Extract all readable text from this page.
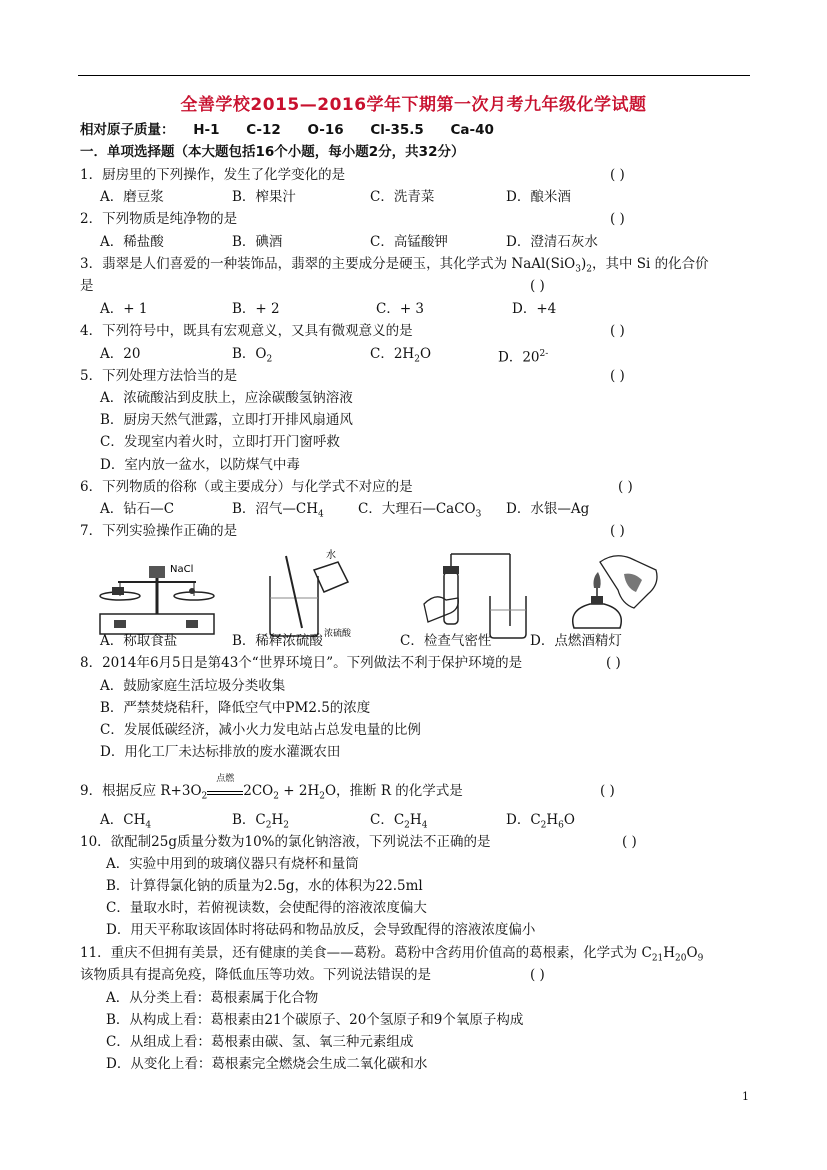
全善学校2015—2016学年下期第一次月考九年级化学试题
相对原子质量： H-1 C-12 O-16 Cl-35.5 Ca-40
一．单项选择题（本大题包括16个小题，每小题2分，共32分）
1．厨房里的下列操作，发生了化学变化的是	( )
A．磨豆浆	B．榨果汁	C．洗青菜	D．酿米酒
2．下列物质是纯净物的是	( )
A．稀盐酸	B．碘酒	C．高锰酸钾	D．澄清石灰水
3．翡翠是人们喜爱的一种装饰品，翡翠的主要成分是硬玉，其化学式为 $NaAl(SiO_3)_2$，其中 Si 的化合价
是	( )
A．+ 1	B．+ 2	C．+ 3	D．+4
4．下列符号中，既具有宏观意义，又具有微观意义的是	( )
A．20	B．$O_2$	C．$2H_2O$	D．$20^{2-}$
5．下列处理方法恰当的是	( )
A．浓硫酸沾到皮肤上，应涂碳酸氢钠溶液
B．厨房天然气泄露，立即打开排风扇通风
C．发现室内着火时，立即打开门窗呼救
D．室内放一盆水，以防煤气中毒
6．下列物质的俗称（或主要成分）与化学式不对应的是	( )
A．钻石—C	B．沼气$—CH_4$	C．大理石—CaCO$_3$ D．水银—Ag
7．下列实验操作正确的是	( )
NaCl
水
浓硫酸
A．称取食盐	B．稀释浓硫酸	C．检查气密性	D．点燃酒精灯
8．2014年6月5日是第43个“世界环境日”。下列做法不利于保护环境的是	( )
A．鼓励家庭生活垃圾分类收集
B．严禁焚烧秸秆，降低空气中PM2.5的浓度
C．发展低碳经济，减小火力发电站占总发电量的比例
D．用化工厂未达标排放的废水灌溉农田
9．根据反应 $R+3O_2$
点燃
$2CO_2 + 2H_2O$，推断 R 的化学式是	( )
A．$CH_4$	B．$C_2H_2$	C．$C_2H_4$	D．$C_2H_6O$
10．欲配制25g质量分数为10%的氯化钠溶液，下列说法不正确的是	( )
A．实验中用到的玻璃仪器只有烧杯和量筒
B．计算得氯化钠的质量为2.5g，水的体积为22.5ml
C．量取水时，若俯视读数，会使配得的溶液浓度偏大
D．用天平称取该固体时将砝码和物品放反，会导致配得的溶液浓度偏小
11．重庆不但拥有美景，还有健康的美食——葛粉。葛粉中含药用价值高的葛根素，化学式为 $C_{21}H_{20}O_9$
该物质具有提高免疫，降低血压等功效。下列说法错误的是	( )
A．从分类上看：葛根素属于化合物
B．从构成上看：葛根素由21个碳原子、20个氢原子和9个氧原子构成
C．从组成上看：葛根素由碳、氢、氧三种元素组成
D．从变化上看：葛根素完全燃烧会生成二氧化碳和水
1
